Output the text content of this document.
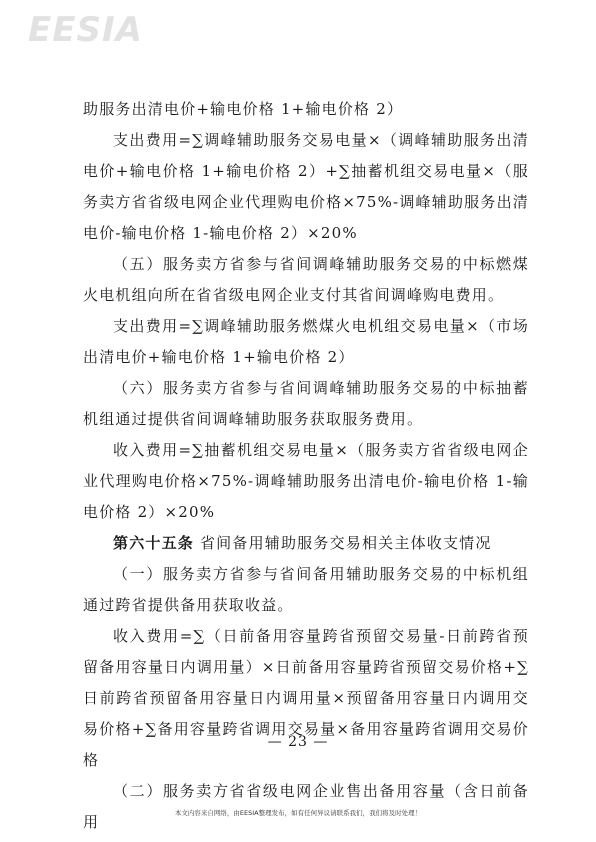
EESIA

助服务出清电价+输电价格 1+输电价格 2）

支出费用=∑调峰辅助服务交易电量×（调峰辅助服务出清电价+输电价格 1+输电价格 2）+∑抽蓄机组交易电量×（服务卖方省省级电网企业代理购电价格×75%-调峰辅助服务出清电价-输电价格 1-输电价格 2）×20%

（五）服务卖方省参与省间调峰辅助服务交易的中标燃煤火电机组向所在省省级电网企业支付其省间调峰购电费用。

支出费用=∑调峰辅助服务燃煤火电机组交易电量×（市场出清电价+输电价格 1+输电价格 2）

（六）服务卖方省参与省间调峰辅助服务交易的中标抽蓄机组通过提供省间调峰辅助服务获取服务费用。

收入费用=∑抽蓄机组交易电量×（服务卖方省省级电网企业代理购电价格×75%-调峰辅助服务出清电价-输电价格 1-输电价格 2）×20%

第六十五条 省间备用辅助服务交易相关主体收支情况

（一）服务卖方省参与省间备用辅助服务交易的中标机组通过跨省提供备用获取收益。

收入费用=∑（日前备用容量跨省预留交易量-日前跨省预留备用容量日内调用量）×日前备用容量跨省预留交易价格+∑日前跨省预留备用容量日内调用量×预留备用容量日内调用交易价格+∑备用容量跨省调用交易量×备用容量跨省调用交易价格

（二）服务卖方省省级电网企业售出备用容量（含日前备用

— 23 —
本文内容来自网络，由EESIA整理发布，如有任何异议请联系我们，我们将及时处理！
